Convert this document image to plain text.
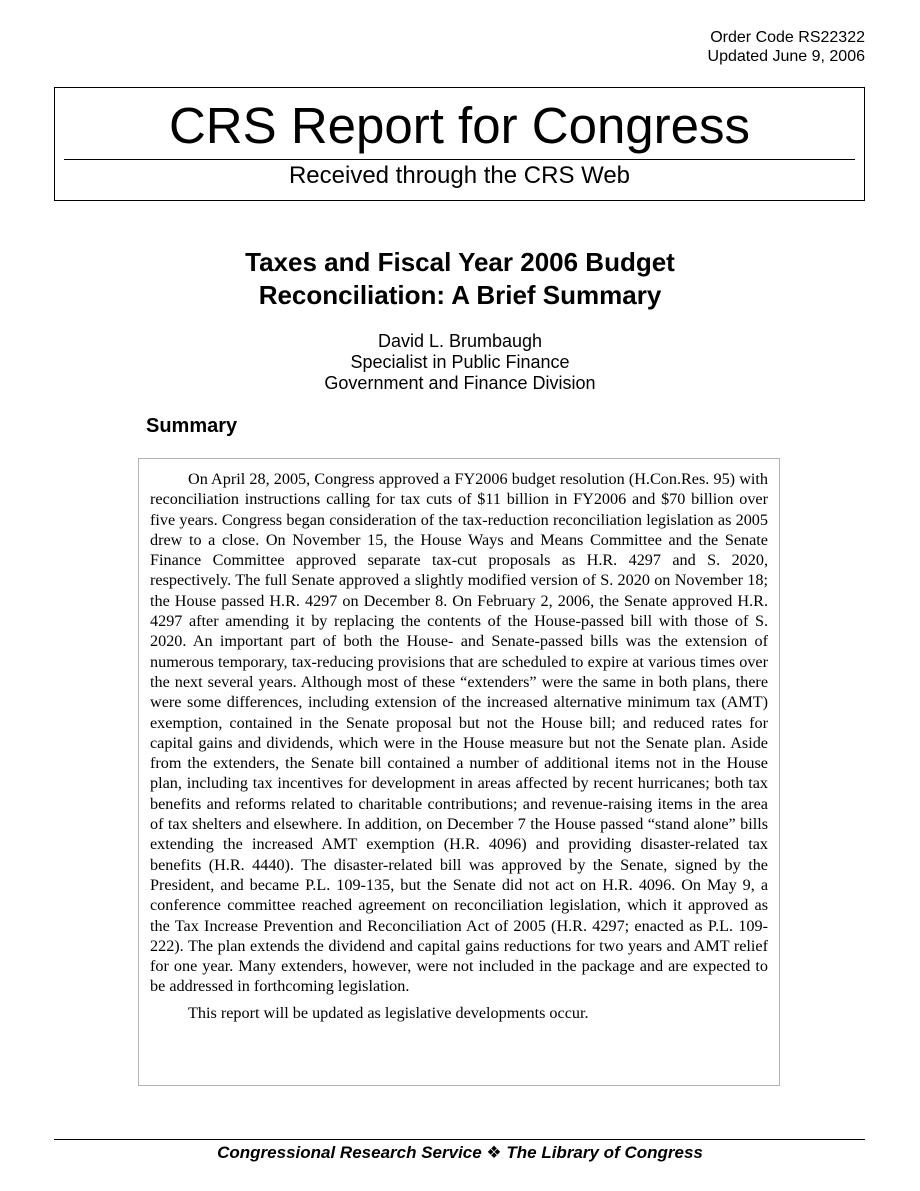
Order Code RS22322
Updated June 9, 2006
CRS Report for Congress
Received through the CRS Web
Taxes and Fiscal Year 2006 Budget
Reconciliation: A Brief Summary
David L. Brumbaugh
Specialist in Public Finance
Government and Finance Division
Summary

On April 28, 2005, Congress approved a FY2006 budget resolution (H.Con.Res. 95) with reconciliation instructions calling for tax cuts of $11 billion in FY2006 and $70 billion over five years. Congress began consideration of the tax-reduction reconciliation legislation as 2005 drew to a close. On November 15, the House Ways and Means Committee and the Senate Finance Committee approved separate tax-cut proposals as H.R. 4297 and S. 2020, respectively. The full Senate approved a slightly modified version of S. 2020 on November 18; the House passed H.R. 4297 on December 8. On February 2, 2006, the Senate approved H.R. 4297 after amending it by replacing the contents of the House-passed bill with those of S. 2020. An important part of both the House- and Senate-passed bills was the extension of numerous temporary, tax-reducing provisions that are scheduled to expire at various times over the next several years. Although most of these “extenders” were the same in both plans, there were some differences, including extension of the increased alternative minimum tax (AMT) exemption, contained in the Senate proposal but not the House bill; and reduced rates for capital gains and dividends, which were in the House measure but not the Senate plan. Aside from the extenders, the Senate bill contained a number of additional items not in the House plan, including tax incentives for development in areas affected by recent hurricanes; both tax benefits and reforms related to charitable contributions; and revenue-raising items in the area of tax shelters and elsewhere. In addition, on December 7 the House passed “stand alone” bills extending the increased AMT exemption (H.R. 4096) and providing disaster-related tax benefits (H.R. 4440). The disaster-related bill was approved by the Senate, signed by the President, and became P.L. 109-135, but the Senate did not act on H.R. 4096. On May 9, a conference committee reached agreement on reconciliation legislation, which it approved as the Tax Increase Prevention and Reconciliation Act of 2005 (H.R. 4297; enacted as P.L. 109-222). The plan extends the dividend and capital gains reductions for two years and AMT relief for one year. Many extenders, however, were not included in the package and are expected to be addressed in forthcoming legislation.

This report will be updated as legislative developments occur.

Congressional Research Service ❖ The Library of Congress
